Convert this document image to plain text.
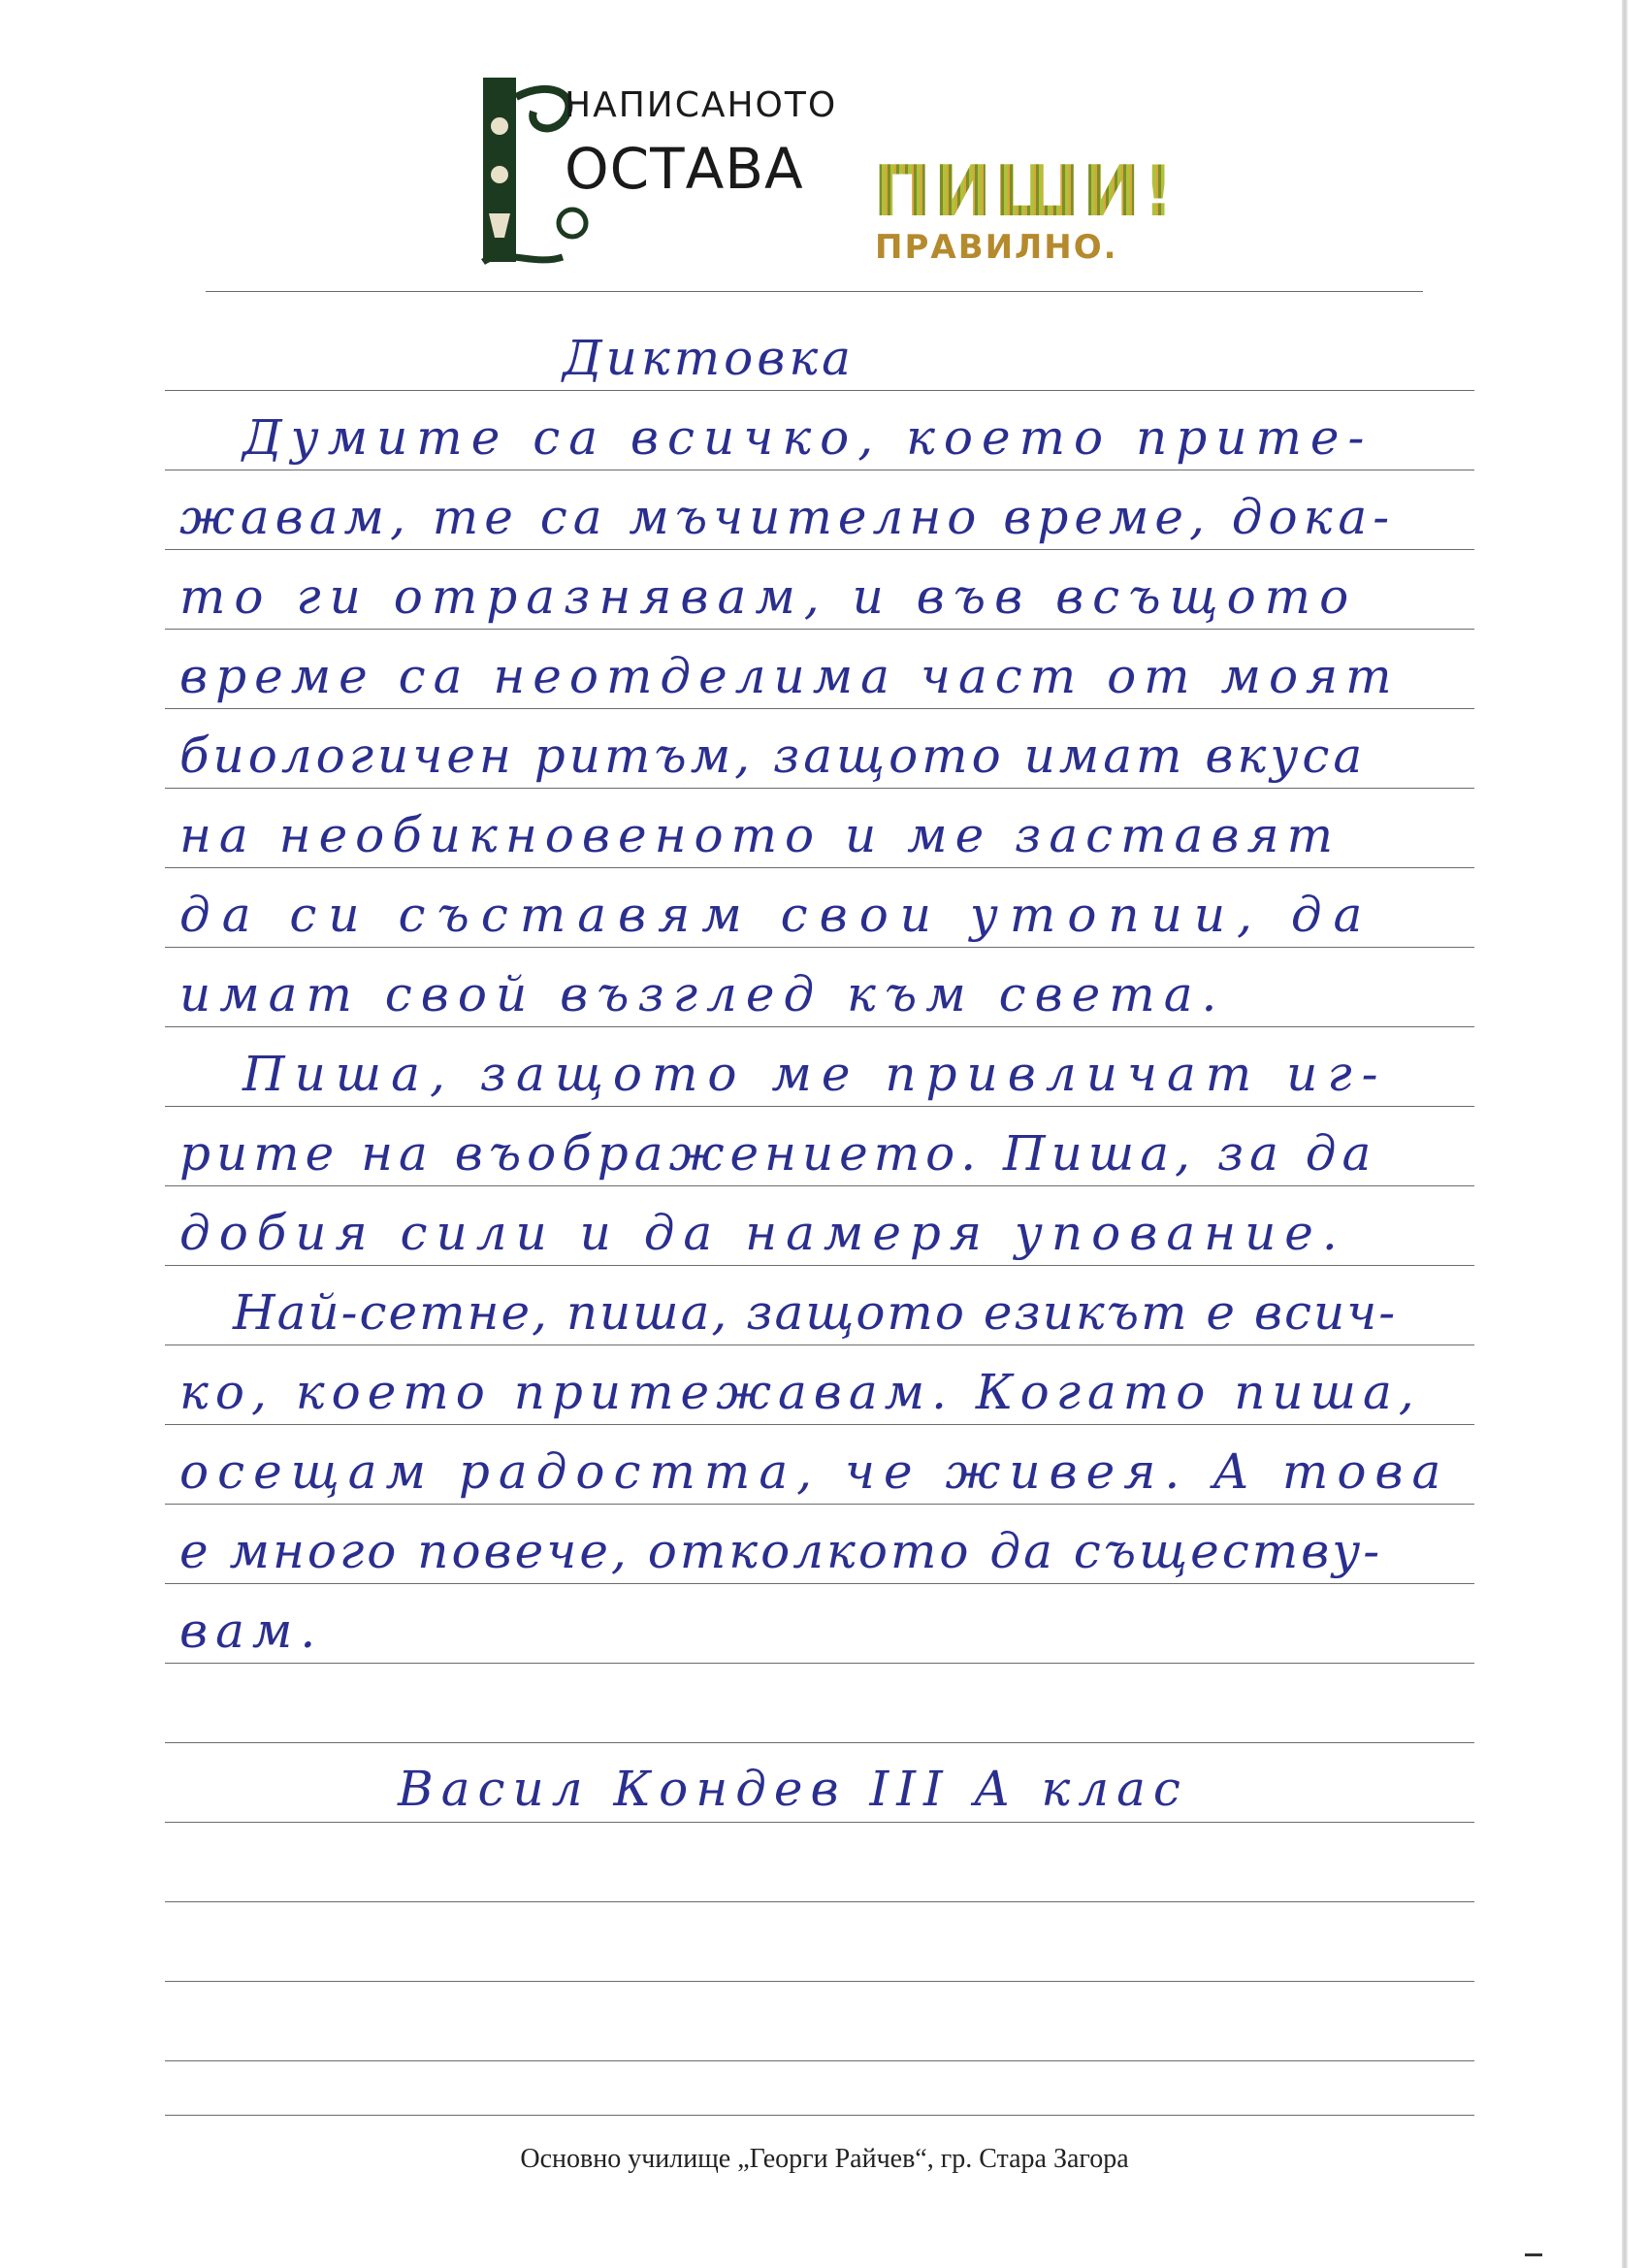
НАПИСАНОТО
ОСТАВА ПИШИ!
ПРАВИЛНО.
Диктовка
Думите са всичко, което прите-
жавам, те са мъчително време, дока-
то ги отразнявам, и във всъщото
време са неотделима част от моят
биологичен ритъм, защото имат вкуса
на необикновеното и ме заставят
да си съставям свои утопии, да
имат свой възглед към света.
Пиша, защото ме привличат иг-
рите на въображението. Пиша, за да
добия сили и да намеря упование.
Най-сетне, пиша, защото езикът е всич-
ко, което притежавам. Когато пиша,
осещам радостта, че живея. А това
е много повече, отколкото да съществу-
вам.
Васил Кондев III А клас
Основно училище „Георги Райчев“, гр. Стара Загора
